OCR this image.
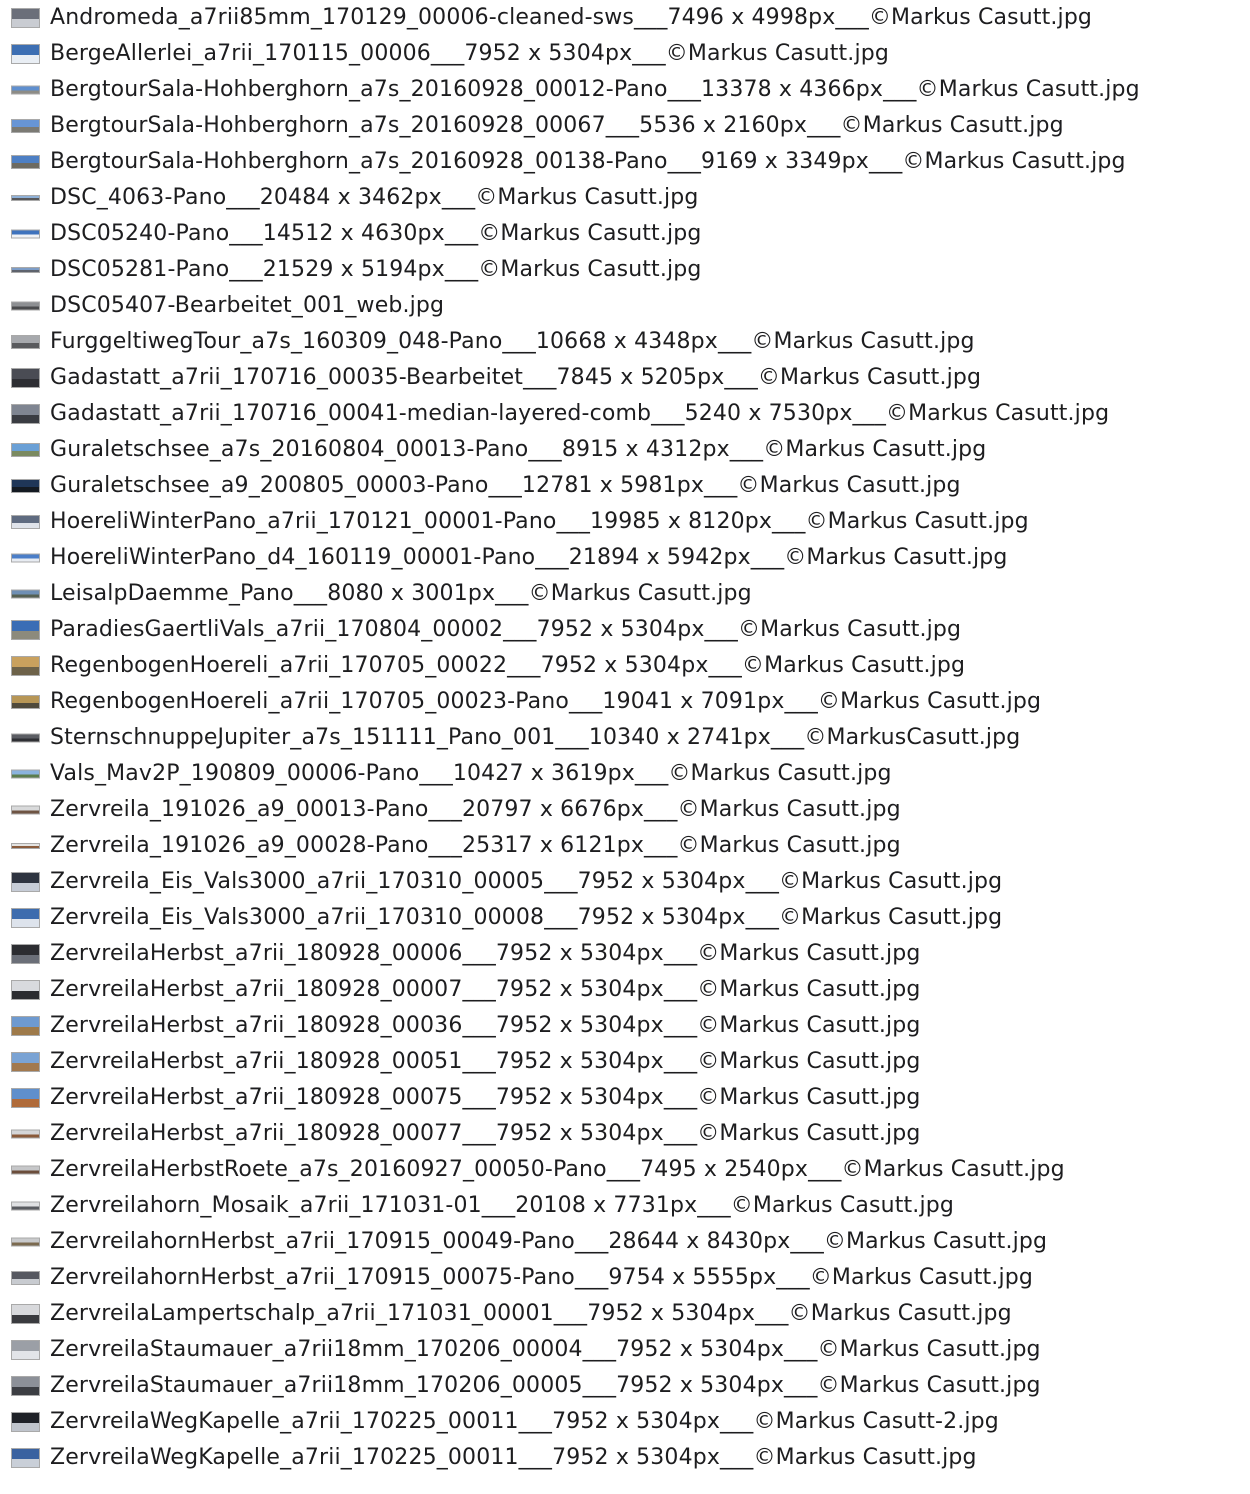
Andromeda_a7rii85mm_170129_00006-cleaned-sws___7496 x 4998px___©Markus Casutt.jpg
BergeAllerlei_a7rii_170115_00006___7952 x 5304px___©Markus Casutt.jpg
BergtourSala-Hohberghorn_a7s_20160928_00012-Pano___13378 x 4366px___©Markus Casutt.jpg
BergtourSala-Hohberghorn_a7s_20160928_00067___5536 x 2160px___©Markus Casutt.jpg
BergtourSala-Hohberghorn_a7s_20160928_00138-Pano___9169 x 3349px___©Markus Casutt.jpg
DSC_4063-Pano___20484 x 3462px___©Markus Casutt.jpg
DSC05240-Pano___14512 x 4630px___©Markus Casutt.jpg
DSC05281-Pano___21529 x 5194px___©Markus Casutt.jpg
DSC05407-Bearbeitet_001_web.jpg
FurggeltiwegTour_a7s_160309_048-Pano___10668 x 4348px___©Markus Casutt.jpg
Gadastatt_a7rii_170716_00035-Bearbeitet___7845 x 5205px___©Markus Casutt.jpg
Gadastatt_a7rii_170716_00041-median-layered-comb___5240 x 7530px___©Markus Casutt.jpg
Guraletschsee_a7s_20160804_00013-Pano___8915 x 4312px___©Markus Casutt.jpg
Guraletschsee_a9_200805_00003-Pano___12781 x 5981px___©Markus Casutt.jpg
HoereliWinterPano_a7rii_170121_00001-Pano___19985 x 8120px___©Markus Casutt.jpg
HoereliWinterPano_d4_160119_00001-Pano___21894 x 5942px___©Markus Casutt.jpg
LeisalpDaemme_Pano___8080 x 3001px___©Markus Casutt.jpg
ParadiesGaertliVals_a7rii_170804_00002___7952 x 5304px___©Markus Casutt.jpg
RegenbogenHoereli_a7rii_170705_00022___7952 x 5304px___©Markus Casutt.jpg
RegenbogenHoereli_a7rii_170705_00023-Pano___19041 x 7091px___©Markus Casutt.jpg
SternschnuppeJupiter_a7s_151111_Pano_001___10340 x 2741px___©MarkusCasutt.jpg
Vals_Mav2P_190809_00006-Pano___10427 x 3619px___©Markus Casutt.jpg
Zervreila_191026_a9_00013-Pano___20797 x 6676px___©Markus Casutt.jpg
Zervreila_191026_a9_00028-Pano___25317 x 6121px___©Markus Casutt.jpg
Zervreila_Eis_Vals3000_a7rii_170310_00005___7952 x 5304px___©Markus Casutt.jpg
Zervreila_Eis_Vals3000_a7rii_170310_00008___7952 x 5304px___©Markus Casutt.jpg
ZervreilaHerbst_a7rii_180928_00006___7952 x 5304px___©Markus Casutt.jpg
ZervreilaHerbst_a7rii_180928_00007___7952 x 5304px___©Markus Casutt.jpg
ZervreilaHerbst_a7rii_180928_00036___7952 x 5304px___©Markus Casutt.jpg
ZervreilaHerbst_a7rii_180928_00051___7952 x 5304px___©Markus Casutt.jpg
ZervreilaHerbst_a7rii_180928_00075___7952 x 5304px___©Markus Casutt.jpg
ZervreilaHerbst_a7rii_180928_00077___7952 x 5304px___©Markus Casutt.jpg
ZervreilaHerbstRoete_a7s_20160927_00050-Pano___7495 x 2540px___©Markus Casutt.jpg
Zervreilahorn_Mosaik_a7rii_171031-01___20108 x 7731px___©Markus Casutt.jpg
ZervreilahornHerbst_a7rii_170915_00049-Pano___28644 x 8430px___©Markus Casutt.jpg
ZervreilahornHerbst_a7rii_170915_00075-Pano___9754 x 5555px___©Markus Casutt.jpg
ZervreilaLampertschalp_a7rii_171031_00001___7952 x 5304px___©Markus Casutt.jpg
ZervreilaStaumauer_a7rii18mm_170206_00004___7952 x 5304px___©Markus Casutt.jpg
ZervreilaStaumauer_a7rii18mm_170206_00005___7952 x 5304px___©Markus Casutt.jpg
ZervreilaWegKapelle_a7rii_170225_00011___7952 x 5304px___©Markus Casutt-2.jpg
ZervreilaWegKapelle_a7rii_170225_00011___7952 x 5304px___©Markus Casutt.jpg
